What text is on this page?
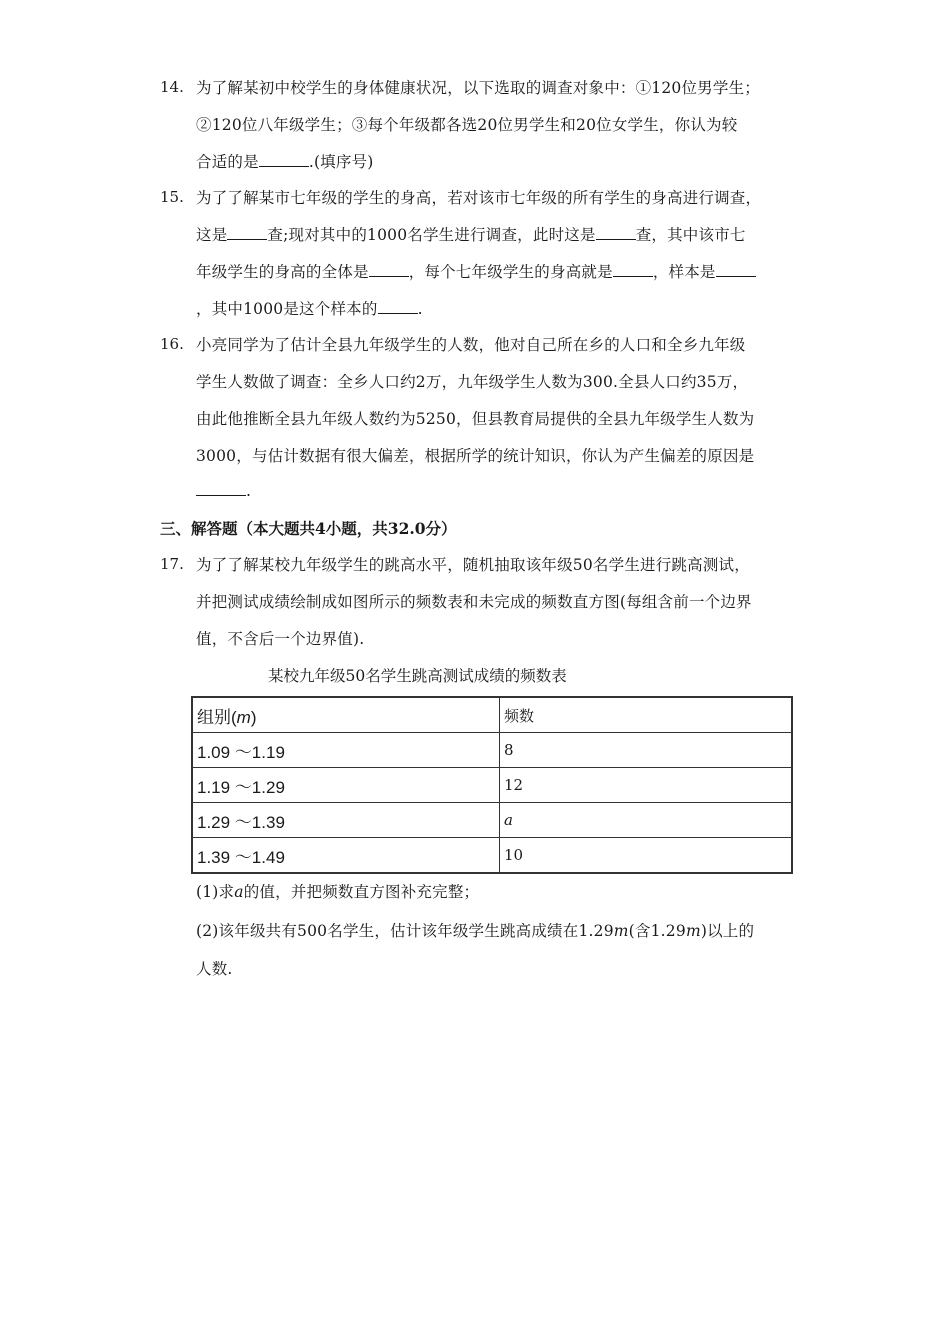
14. 为了解某初中校学生的身体健康状况，以下选取的调查对象中：①120位男学生；
②120位八年级学生；③每个年级都各选20位男学生和20位女学生，你认为较
合适的是	.(填序号)
15. 为了了解某市七年级的学生的身高，若对该市七年级的所有学生的身高进行调查，
这是	查;现对其中的1000名学生进行调查，此时这是	查，其中该市七
年级学生的身高的全体是	，每个七年级学生的身高就是	，样本是
，其中1000是这个样本的	.
16. 小亮同学为了估计全县九年级学生的人数，他对自己所在乡的人口和全乡九年级
学生人数做了调查：全乡人口约2万，九年级学生人数为300.全县人口约35万，
由此他推断全县九年级人数约为5250，但县教育局提供的全县九年级学生人数为
3000，与估计数据有很大偏差，根据所学的统计知识，你认为产生偏差的原因是
.
三、解答题（本大题共4小题，共32.0分）
17. 为了了解某校九年级学生的跳高水平，随机抽取该年级50名学生进行跳高测试，
并把测试成绩绘制成如图所示的频数表和未完成的频数直方图(每组含前一个边界
值，不含后一个边界值).
某校九年级50名学生跳高测试成绩的频数表
组别(m)	频数
1.09 ～1.19	8
1.19 ～1.29	12
1.29 ～1.39	a
1.39 ～1.49	10
(1)求a的值，并把频数直方图补充完整；
(2)该年级共有500名学生，估计该年级学生跳高成绩在1.29m(含1.29m)以上的
人数.
